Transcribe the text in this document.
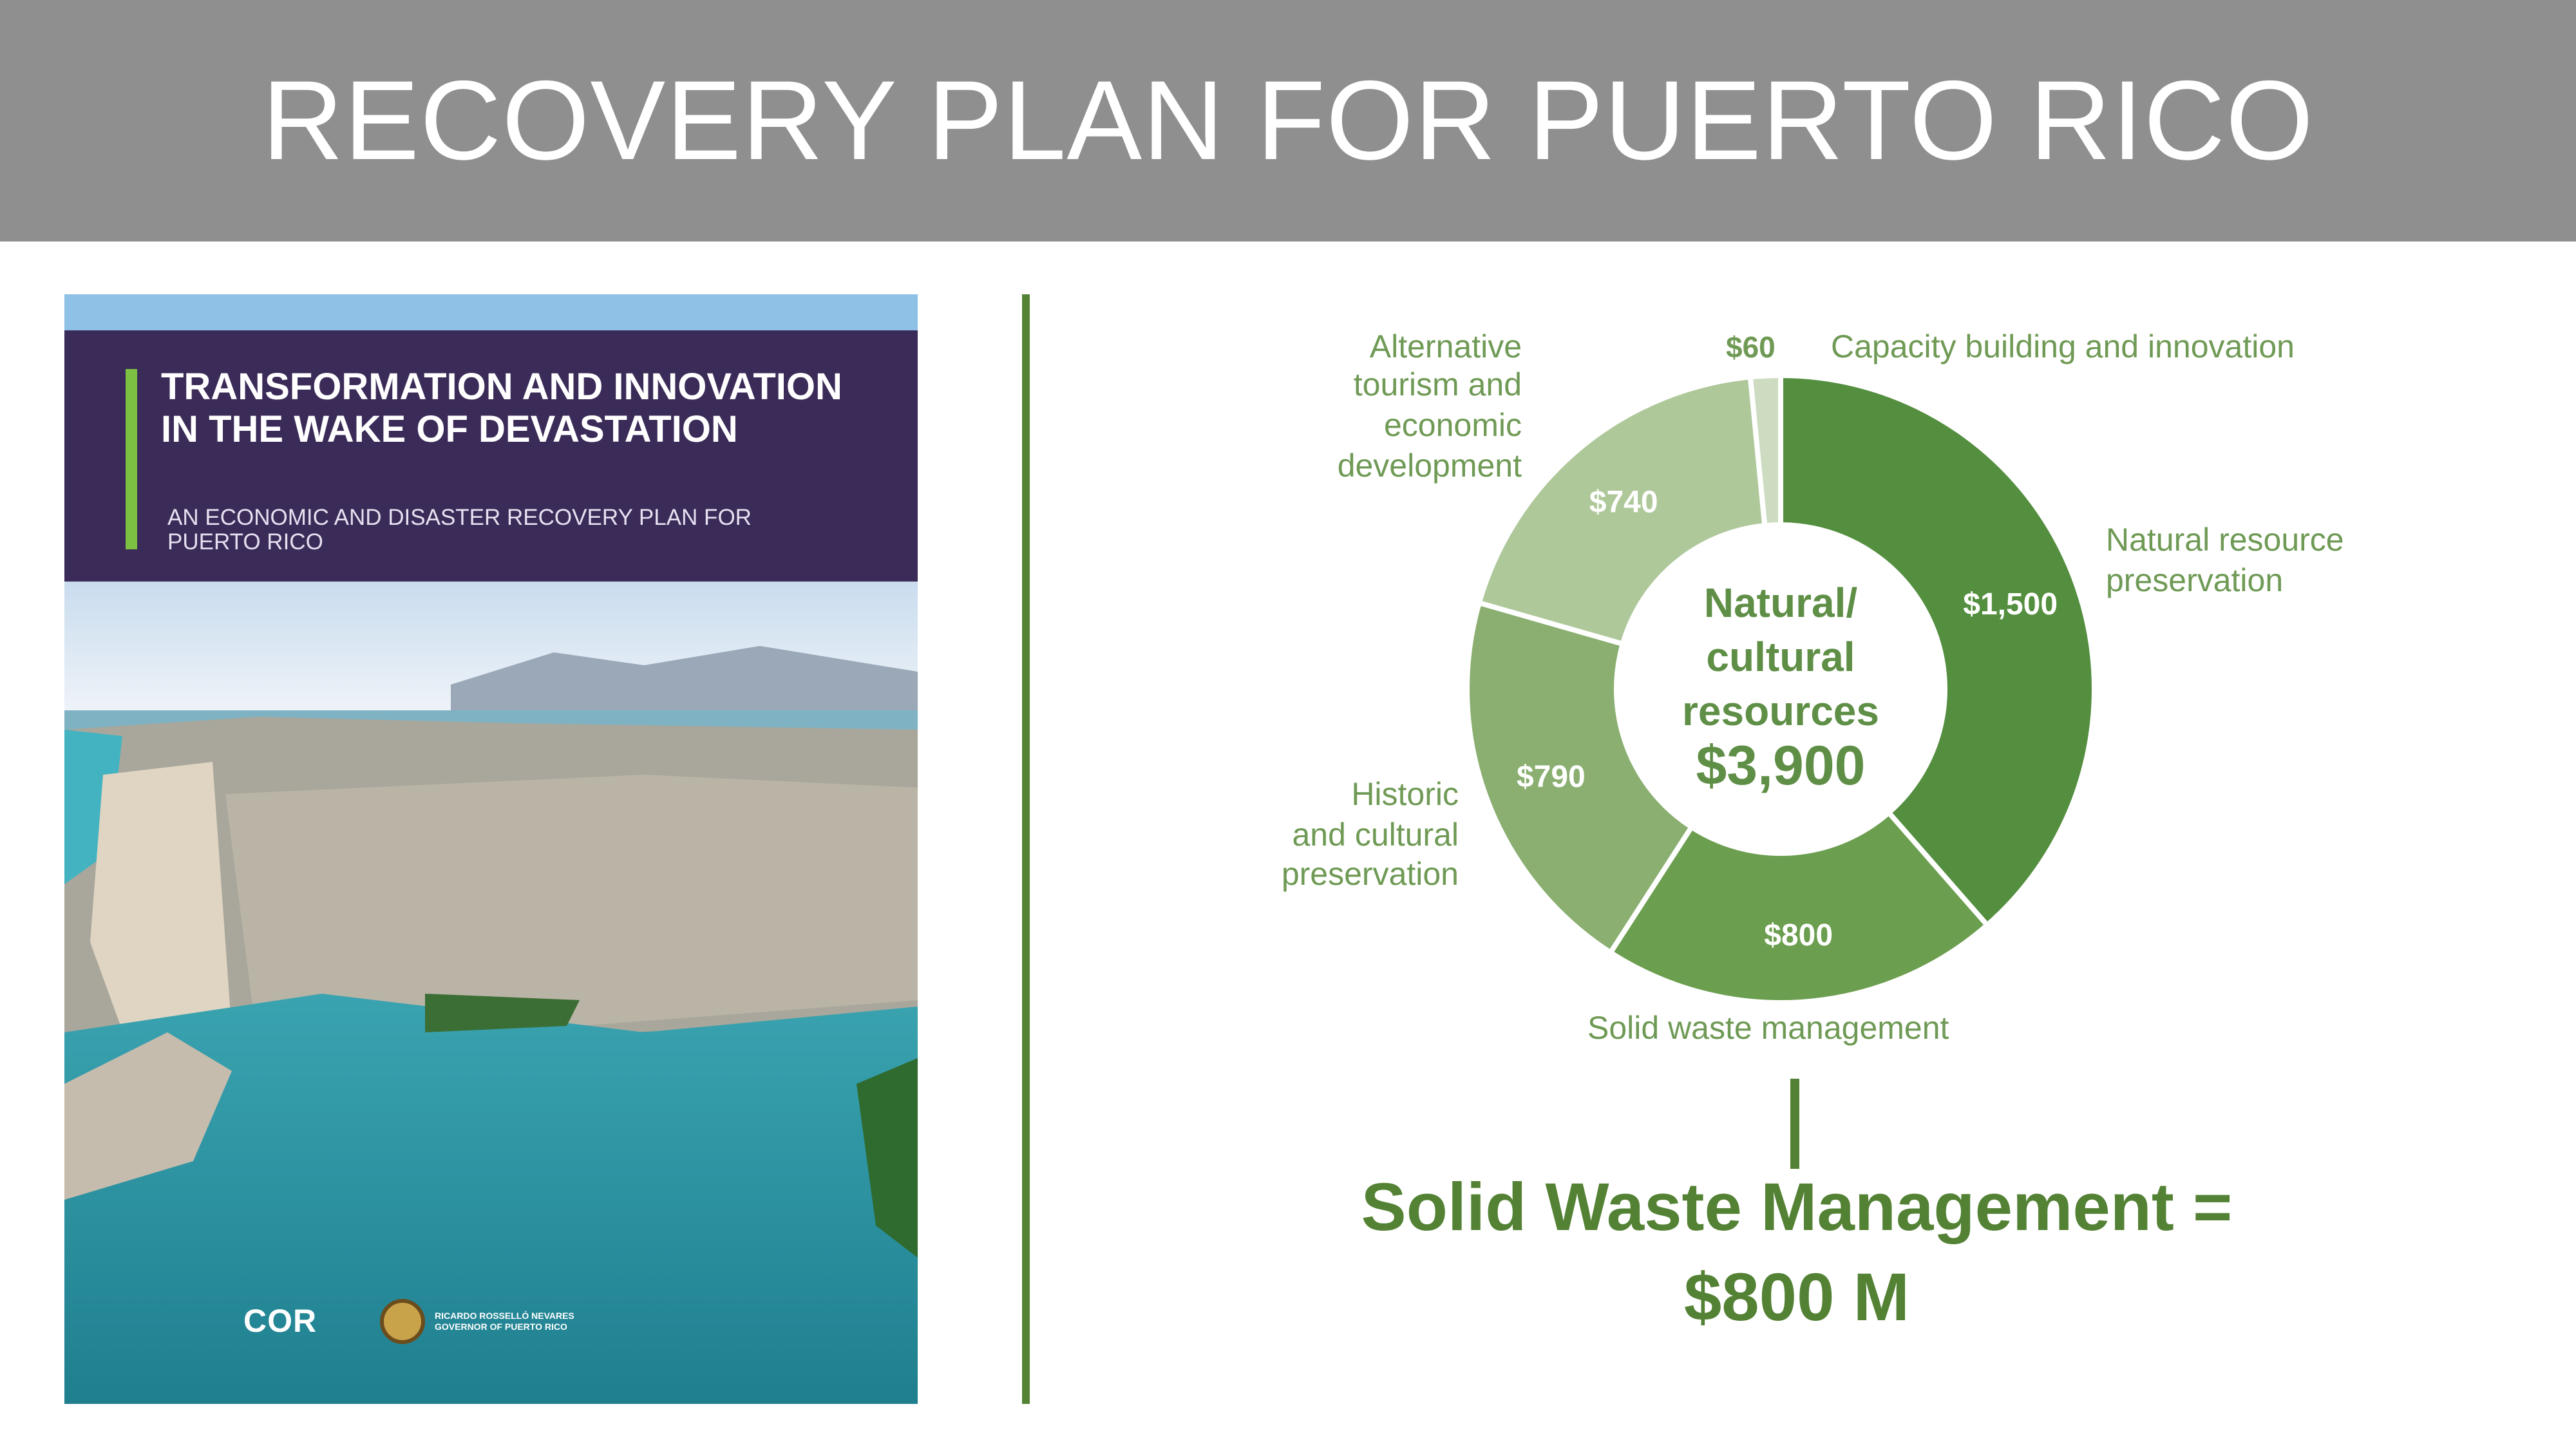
RECOVERY PLAN FOR PUERTO RICO
TRANSFORMATION AND INNOVATION IN THE WAKE OF DEVASTATION
AN ECONOMIC AND DISASTER RECOVERY PLAN FOR PUERTO RICO
COR	RICARDO ROSSELLÓ NEVARES GOVERNOR OF PUERTO RICO
$1,500
$800
$790
$740
Natural/
cultural
resources
$3,900
Natural resource
preservation
Solid waste management
Historic
and cultural
preservation
Alternative
tourism and
economic
development
$60 Capacity building and innovation
Solid Waste Management =
$800 M
